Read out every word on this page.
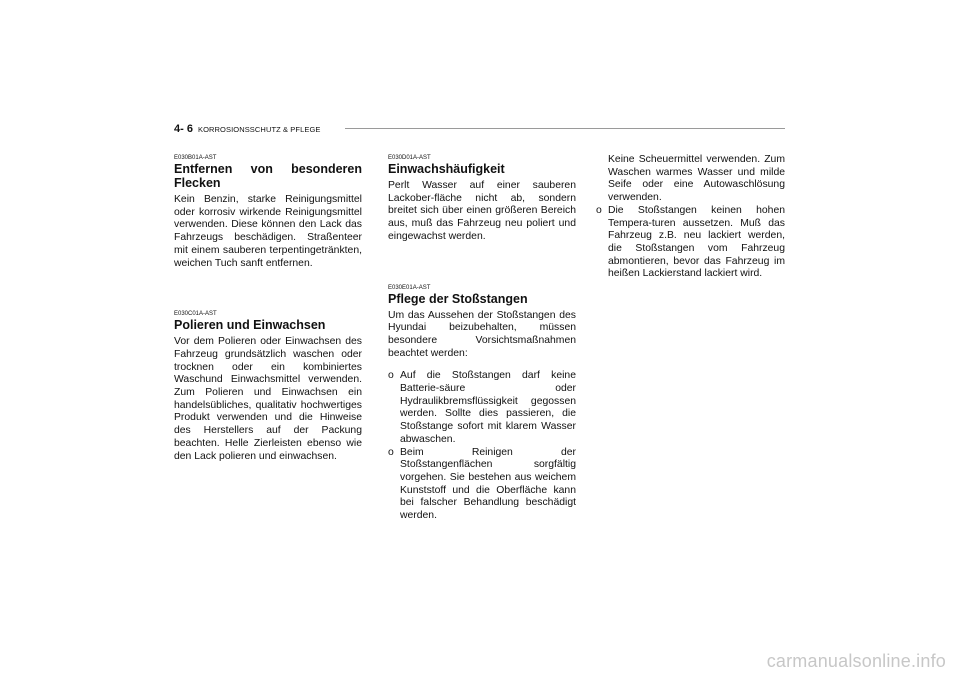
4- 6 KORROSIONSSCHUTZ & PFLEGE
E030B01A-AST
Entfernen von besonderen Flecken

Kein Benzin, starke Reinigungsmittel oder korrosiv wirkende Reinigungsmittel verwenden. Diese können den Lack das Fahrzeugs beschädigen. Straßenteer mit einem sauberen terpentingetränkten, weichen Tuch sanft entfernen.

E030C01A-AST
Polieren und Einwachsen

Vor dem Polieren oder Einwachsen des Fahrzeug grundsätzlich waschen oder trocknen oder ein kombiniertes Waschund Einwachsmittel verwenden. Zum Polieren und Einwachsen ein handelsübliches, qualitativ hochwertiges Produkt verwenden und die Hinweise des Herstellers auf der Packung beachten. Helle Zierleisten ebenso wie den Lack polieren und einwachsen.

E030D01A-AST
Einwachshäufigkeit

Perlt Wasser auf einer sauberen Lackober-fläche nicht ab, sondern breitet sich über einen größeren Bereich aus, muß das Fahrzeug neu poliert und eingewachst werden.

E030E01A-AST
Pflege der Stoßstangen

Um das Aussehen der Stoßstangen des Hyundai beizubehalten, müssen besondere Vorsichtsmaßnahmen beachtet werden:

o Auf die Stoßstangen darf keine Batterie-säure oder Hydraulikbremsflüssigkeit gegossen werden. Sollte dies passieren, die Stoßstange sofort mit klarem Wasser abwaschen.
o Beim Reinigen der Stoßstangenflächen sorgfältig vorgehen. Sie bestehen aus weichem Kunststoff und die Oberfläche kann bei falscher Behandlung beschädigt werden.

Keine Scheuermittel verwenden. Zum Waschen warmes Wasser und milde Seife oder eine Autowaschlösung verwenden.

o Die Stoßstangen keinen hohen Tempera-turen aussetzen. Muß das Fahrzeug z.B. neu lackiert werden, die Stoßstangen vom Fahrzeug abmontieren, bevor das Fahrzeug im heißen Lackierstand lackiert wird.
carmanualsonline.info
